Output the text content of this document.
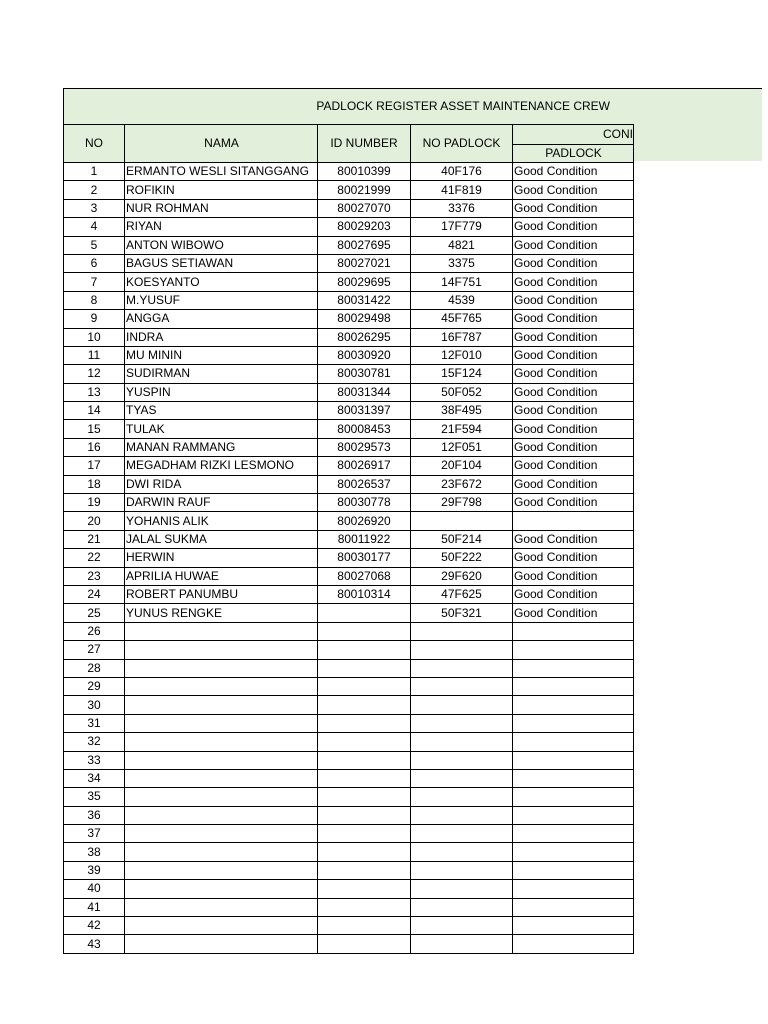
PADLOCK REGISTER ASSET MAINTENANCE CREW
NO	NAMA	ID NUMBER	NO PADLOCK	CONI
				PADLOCK
1	ERMANTO WESLI SITANGGANG	80010399	40F176	Good Condition
2	ROFIKIN	80021999	41F819	Good Condition
3	NUR ROHMAN	80027070	3376	Good Condition
4	RIYAN	80029203	17F779	Good Condition
5	ANTON WIBOWO	80027695	4821	Good Condition
6	BAGUS SETIAWAN	80027021	3375	Good Condition
7	KOESYANTO	80029695	14F751	Good Condition
8	M.YUSUF	80031422	4539	Good Condition
9	ANGGA	80029498	45F765	Good Condition
10	INDRA	80026295	16F787	Good Condition
11	MU MININ	80030920	12F010	Good Condition
12	SUDIRMAN	80030781	15F124	Good Condition
13	YUSPIN	80031344	50F052	Good Condition
14	TYAS	80031397	38F495	Good Condition
15	TULAK	80008453	21F594	Good Condition
16	MANAN RAMMANG	80029573	12F051	Good Condition
17	MEGADHAM RIZKI LESMONO	80026917	20F104	Good Condition
18	DWI RIDA	80026537	23F672	Good Condition
19	DARWIN RAUF	80030778	29F798	Good Condition
20	YOHANIS ALIK	80026920		
21	JALAL SUKMA	80011922	50F214	Good Condition
22	HERWIN	80030177	50F222	Good Condition
23	APRILIA HUWAE	80027068	29F620	Good Condition
24	ROBERT PANUMBU	80010314	47F625	Good Condition
25	YUNUS RENGKE		50F321	Good Condition
26				
27				
28				
29				
30				
31				
32				
33				
34				
35				
36				
37				
38				
39				
40				
41				
42				
43				
